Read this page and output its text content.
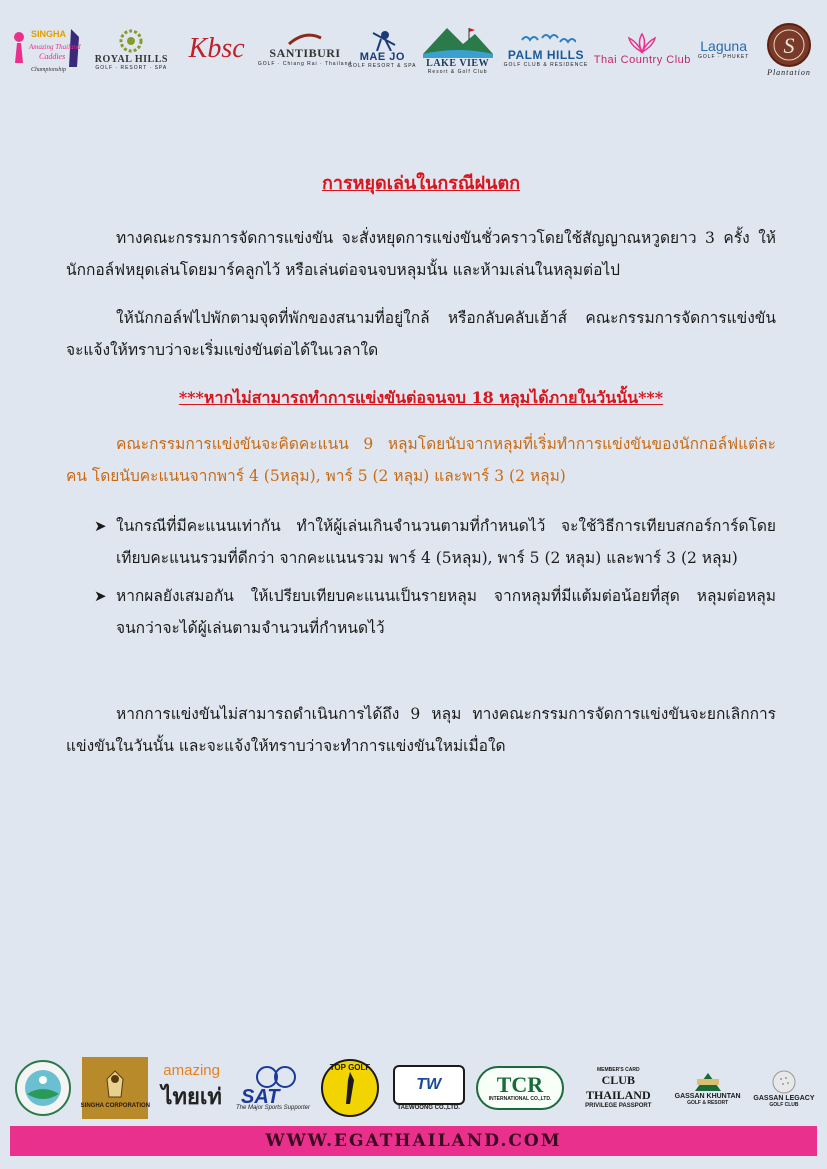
SINGHA
Amazing Thailand
Caddies
Championship
ROYAL HILLS
GOLF · RESORT · SPA
Kbsc SANTIBURI
GOLF · Chiang Rai · Thailand
MAE JO
GOLF RESORT & SPA LAKE VIEW
Resort & Golf Club
PALM HILLS
GOLF CLUB & RESIDENCE Thai Country Club
Laguna
GOLF · PHUKET S
Plantation
การหยุดเล่นในกรณีฝนตก

ทางคณะกรรมการจัดการแข่งขัน จะสั่งหยุดการแข่งขันชั่วคราวโดยใช้สัญญาณหวูดยาว 3 ครั้ง ให้นักกอล์ฟหยุดเล่นโดยมาร์คลูกไว้ หรือเล่นต่อจนจบหลุมนั้น และห้ามเล่นในหลุมต่อไป

ให้นักกอล์ฟไปพักตามจุดที่พักของสนามที่อยู่ใกล้ หรือกลับคลับเฮ้าส์ คณะกรรมการจัดการแข่งขันจะแจ้งให้ทราบว่าจะเริ่มแข่งขันต่อได้ในเวลาใด

***หากไม่สามารถทำการแข่งขันต่อจนจบ 18 หลุมได้ภายในวันนั้น***

คณะกรรมการแข่งขันจะคิดคะแนน 9 หลุมโดยนับจากหลุมที่เริ่มทำการแข่งขันของนักกอล์ฟแต่ละคน โดยนับคะแนนจากพาร์ 4 (5หลุม), พาร์ 5 (2 หลุม) และพาร์ 3 (2 หลุม)

➤ ในกรณีที่มีคะแนนเท่ากัน ทำให้ผู้เล่นเกินจำนวนตามที่กำหนดไว้ จะใช้วิธีการเทียบสกอร์การ์ดโดยเทียบคะแนนรวมที่ดีกว่า จากคะแนนรวม พาร์ 4 (5หลุม), พาร์ 5 (2 หลุม) และพาร์ 3 (2 หลุม)
➤ หากผลยังเสมอกัน ให้เปรียบเทียบคะแนนเป็นรายหลุม จากหลุมที่มีแต้มต่อน้อยที่สุด หลุมต่อหลุม จนกว่าจะได้ผู้เล่นตามจำนวนที่กำหนดไว้

หากการแข่งขันไม่สามารถดำเนินการได้ถึง 9 หลุม ทางคณะกรรมการจัดการแข่งขันจะยกเลิกการแข่งขันในวันนั้น และจะแจ้งให้ทราบว่าจะทำการแข่งขันใหม่เมื่อใด

SINGHA CORPORATION
amazing
ไทยเท่ SAT
The Major Sports Supporter
TOP GOLF
TW
TAEWOONG CO.,LTD.
TCR
INTERNATIONAL CO.,LTD.
MEMBER'S CARD
CLUB THAILAND
PRIVILEGE PASSPORT
GASSAN KHUNTAN
GOLF & RESORT
GASSAN LEGACY
GOLF CLUB
WWW.EGATHAILAND.COM
